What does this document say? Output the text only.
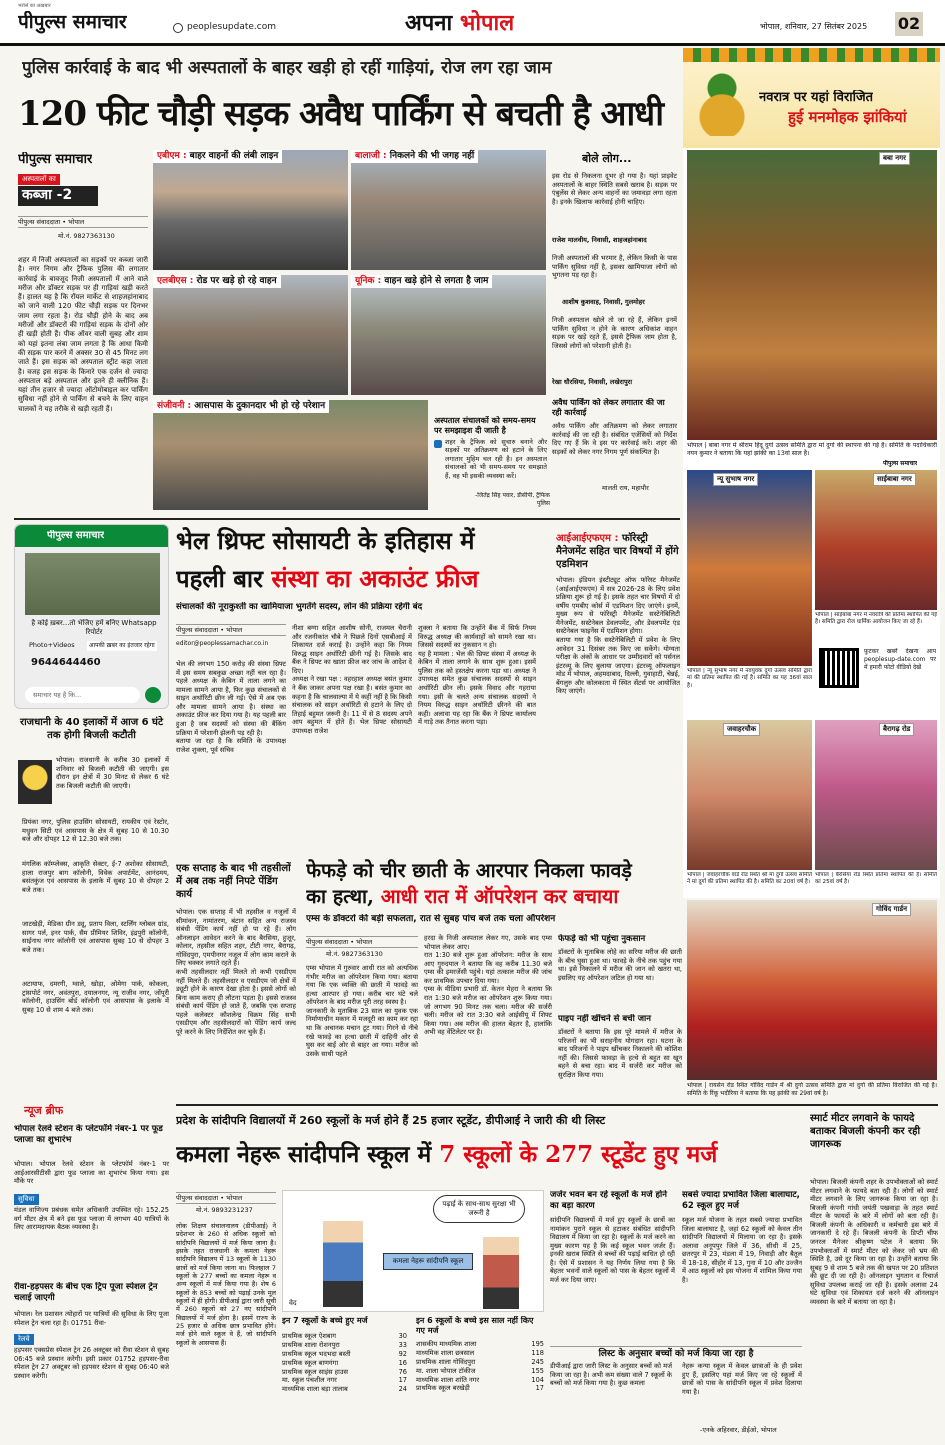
भरोसे का अख़बार
पीपुल्स समाचार	peoplesupdate.com	अपना भोपाल	भोपाल, शनिवार, 27 सितंबर 2025 02
पुलिस कार्रवाई के बाद भी अस्पतालों के बाहर खड़ी हो रहीं गाड़ियां, रोज लग रहा जाम
120 फीट चौड़ी सड़क अवैध पार्किंग से बचती है आधी	नवरात्र पर यहां विराजित
हुई मनमोहक झांकियां
बबा नगर
भोपाल | बाबा नगर में श्रीराम हिंदू दुर्गा उत्सव समिति द्वारा मां दुर्गा की स्थापना की गई है। समिति के पदाधिकारी नयन कुमार ने बताया कि यहां झांकी का 13वां साल है।
पीपुल्स समाचार
न्यू सुभाष नगर	साईबाबा नगर
भोपाल | साईबाबा नगर में नवरात्रि की प्रतिमा स्थापित की गई है। समिति द्वारा रोज धार्मिक आयोजन किए जा रहे हैं।
फ़ुटकर खबरें देखना आप peoplesup-date.com पर में हमारी फोटो वीडियो देखें
भोपाल | न्यू सुभाष नगर में नवयुवक दुर्गा उत्सव समिति द्वारा मां की प्रतिमा स्थापित की गई है। समिति का यह 36वां साल है।
जवाहरचौक	बैरागढ़ रोड
भोपाल | जवाहरचौक वार्ड रोड स्थित श्री मां दुर्गा उत्सव समिति ने मां दुर्गा की प्रतिमा स्थापित की है। समिति का 20वां वर्ष है।
भोपाल | बैरसिया रोड स्थित प्रतिमा स्थापित की है। समिति का 25वां वर्ष है।
गोविंद गार्डन
भोपाल | रायसेन रोड स्थित गोविंद गार्डन में श्री दुर्गा उत्सव समिति द्वारा मां दुर्गा की प्रतिमा विराजित की गई है। समिति के रिंकू भदौरिया ने बताया कि यह झांकी का 29वां वर्ष है।
पीपुल्स समाचार
अस्पतालों का
कब्जा -2
पीपुल्स संवाददाता • भोपाल
मो.नं. 9827363130
शहर में निजी अस्पतालों का सड़कों पर कब्जा जारी है। नगर निगम और ट्रैफिक पुलिस की लगातार कार्रवाई के बावजूद निजी अस्पतालों में आने वाले मरीज और डॉक्टर सड़क पर ही गाड़ियां खड़ी करते हैं। हालत यह है कि रॉयल मार्केट से शाहजहांनाबाद को जाने वाली 120 फीट चौड़ी सड़क पर दिनभर जाम लगा रहता है। रोड चौड़ी होने के बाद अब मरीजों और डॉक्टरों की गाड़ियां सड़क के दोनों ओर ही खड़ी होती हैं। पीक ऑवर वाली सुबह और शाम को यहां इतना लंबा जाम लगता है कि आधा किमी की सड़क पार करने में अक्सर 30 से 45 मिनट लग जाते हैं। इस सड़क को अस्पताल स्ट्रीट कहा जाता है। वजह इस सड़क के किनारे एक दर्जन से ज्यादा अस्पताल बड़े अस्पताल और इतने ही क्लीनिक हैं। यहां तीन हजार से ज्यादा ऑटोमोबाइल कर पार्किंग सुविधा नहीं होने से पार्किंग से बचने के लिए वाहन चालकों ने यह तरीके से खड़ी रहती हैं।
एबीएम : बाहर वाहनों की लंबी लाइन	बालाजी : निकलने की भी जगह नहीं
एलबीएस : रोड पर खड़े हो रहे वाहन	यूनिक : वाहन खड़े होने से लगता है जाम
संजीवनी : आसपास के दुकानदार भी हो रहे परेशान
अस्पताल संचालकों को समय-समय पर समझाइश दी जाती है
शहर के ट्रैफिक को सुचारु बनाने और सड़कों पर अतिक्रमण को हटाने के लिए लगातार मुहिम चल रही है। इन अस्पताल संचालकों को भी समय-समय पर समझाते हैं, वह भी इसकी व्यवस्था करें।
-जितेंद्र सिंह पवार, डीसीपी, ट्रैफिक पुलिस
बोले लोग...
इस रोड से निकलना दूभर हो गया है। यहां प्राइवेट अस्पतालों के बाहर स्थिति सबसे खराब है। सड़क पर एंबुलेंस से लेकर अन्य वाहनों का जमावड़ा लगा रहता है। इनके खिलाफ कार्रवाई होनी चाहिए।
राजेश मालवीय, निवासी, शाहजहांनाबाद
निजी अस्पतालों की भरमार है, लेकिन किसी के पास पार्किंग सुविधा नहीं है, इसका खामियाजा लोगों को भुगतना पड़ रहा है।
आशीष कुशवाह, निवासी, गुलमोहर
निजी अस्पताल खोले तो जा रहे हैं, लेकिन इनमें पार्किंग सुविधा न होने के कारण अधिकांश वाहन सड़क पर खड़े रहते हैं, इससे ट्रैफिक जाम होता है, जिससे लोगों को परेशानी होती है।
रेखा धौरसिया, निवासी, लखेरापुरा
अवैध पार्किंग को लेकर लगातार की जा रही कार्रवाई
अवैध पार्किंग और अतिक्रमण को लेकर लगातार कार्रवाई की जा रही है। संबंधित एजेंसियों को निर्देश दिए गए हैं कि वे इस पर कार्रवाई करें। शहर की सड़कों को लेकर नगर निगम पूर्ण संकल्पित है।
मालती राय, महापौर
पीपुल्स समाचार
है कोई ख़बर...तो भेजिए हमें बनिए Whatsapp रिपोर्टर
Photo+Videos	आपकी ख़बर का इंतजार रहेगा
9644644460
समाचार यह है कि...
भेल थ्रिफ्ट सोसायटी के इतिहास में
पहली बार संस्था का अकाउंट फ्रीज
संचालकों की नूराकुश्ती का खामियाजा भुगतेंगे सदस्य, लोन की प्रक्रिया रहेगी बंद
पीपुल्स संवाददाता • भोपाल
editor@peoplessamachar.co.in
भेल की लगभग 150 करोड़ की संस्था थ्रिफ्ट में इस समय सबकुछ अच्छा नहीं चल रहा है। पहले अध्यक्ष के केबिन में ताला लगने का मामला सामने आया है, फिर कुछ संचालकों से साइन अथॉरिटी छीन ली गई। ऐसे में अब एक और मामला सामने आया है। संस्था का अकाउंट फ्रीज कर दिया गया है। यह पहली बार हुआ है जब सदस्यों को संस्था की बैंकिंग प्रक्रिया में परेशानी झेलनी पड़ रही है।
बताया जा रहा है कि समिति के उपाध्यक्ष राजेश शुक्ला, पूर्व सचिव
नीशा बग्गा सहित आशीष सोनी, राजमल चैरानी और रजनीकांत चौबे ने पिछले दिनों एसबीआई में शिकायत दर्ज कराई है। उन्होंने कहा कि नियम विरुद्ध साइन अथॉरिटी छीनी गई है। जिसके बाद बैंक ने थ्रिफ्ट का खाता फ्रीज कर जांच के आदेश दे दिए।
अध्यक्ष ने रखा पक्ष : वहरहाल अध्यक्ष बसंत कुमार ने बैंक जाकर अपना पक्ष रखा है। बसंत कुमार का कहना है कि चालवाल्या में ये कहीं नहीं है कि किसी संचालक को साइन अथॉरिटी से हटाने के लिए दो तिहाई बहुमत जरूरी है। 11 में से 8 सदस्य अपने आप बहुमत में होते हैं। भेल थ्रिफ्ट सोसायटी उपाध्यक्ष राजेश
शुक्ला ने बताया कि उन्होंने बैंक में सिर्फ नियम विरुद्ध अध्यक्ष की कार्यवाहों को सामने रखा था। जिससे सदस्यों का नुकसान न हो।
यह है मामला : भेल की थ्रिफ्ट संस्था में अध्यक्ष के केबिन में ताला लगाने के साथ शुरू हुआ। इसमें पुलिस तक को हस्तक्षेप करना पड़ा था। अध्यक्ष ने उपाध्यक्ष समेत कुछ संचालक सदस्यों से साइन अथॉरिटी छीन ली। इसके विवाद और गहराया गया। इसी के चलते अन्य संचालक सदस्यों ने नियम विरुद्ध साइन अथॉरिटी छीनने की बात कही। अलावा यह रहा कि बैंक ने थ्रिफ्ट कार्यालय में गाड़े तक तैनात करना पड़ा।
आईआईएफएम : फॉरेस्ट्री मैनेजमेंट सहित चार विषयों में होंगे एडमिशन
भोपाल। इंडियन इंस्टीट्यूट ऑफ फॉरेस्ट मैनेजमेंट (आईआईएफएम) में सत्र 2026-28 के लिए प्रवेश प्रक्रिया शुरू हो गई है। इसके तहत चार विषयों में दो वर्षीय एमबीए कोर्स में एडमिशन दिए जाएंगे। इनमें, मुख्य रूप से फॉरेस्ट्री मैनेजमेंट सस्टेनेबिलिटी मैनेजमेंट, सस्टेनेबल डेवलपमेंट, और डेवलपमेंट एंड सस्टेनेबल फाइनेंस में एडमिशन होगा।
बताया गया है कि सस्टेनेबिलिटी में प्रवेश के लिए आवेदन 31 दिसंबर तक किए जा सकेंगे। योग्यता परीक्षा के अंकों के आधार पर उम्मीदवारों को पर्सनल इंटरव्यू के लिए बुलाया जाएगा। इंटरव्यू ऑफलाइन मोड में भोपाल, अहमदाबाद, दिल्ली, गुवाहाटी, चेन्नई, बेंगलुरु और कोलकाता में स्थित सेंटर्स पर आयोजित किए जाएंगे।
राजधानी के 40 इलाकों में आज 6 घंटे तक होगी बिजली कटौती
भोपाल। राजधानी के करीब 30 इलाकों में शनिवार को बिजली कटौती की जाएगी। इस दौरान इन क्षेत्रों में 30 मिनट से लेकर 6 घंटे तक बिजली कटौती की जाएगी।
प्रियंका नगर, पुलिस हाउसिंग सोसायटी, रायकीय एवं रेस्टोर, मधुवन सिटी एवं आसपास के क्षेत्र में सुबह 10 से 10.30 बजे और दोपहर 12 से 12.30 बजे तक।
मंगलिक कॉम्प्लेक्स, आकृति सेक्टर, ई-7 अशोका सोसायटी, हाला राजपुर बाग कॉलोनी, विवेक अपार्टमेंट, आनंदमय, बसंतकुंज एवं आसपास के इलाके में सुबह 10 से दोपहर 2 बजे तक।
जाटखेड़ी, मेडिका ग्रीन ड्यू, प्रताप विला, स्टर्लिंग ग्लोबल ग्रांड, सागर पर्ल, इनर पार्क, सैम प्रीमियर शिविर, इंद्रपुरी कॉलोनी, साईनाथ नगर कॉलोनी एवं आसपास सुबह 10 से दोपहर 3 बजे तक।
अटायाफ, दमरगी, ग्वाले, खोड़ा, ओमेगा पार्क, कोकला, ट्रांसपोर्ट नगर, अवंतपुरा, दयालनगर, न्यू राजीव नगर, जोंपूरी कॉलोनी, हाउसिंग बोर्ड कॉलोनी एवं आसपास के इलाके में सुबह 10 से शाम 4 बजे तक।
एक सप्ताह के बाद भी तहसीलों में अब तक नहीं निपटे पेंडिंग कार्य
भोपाल। एक सप्ताह में भी तहसील व नजूलों में सीमांकन, नामांतरण, बंटान सहित अन्य राजस्व संबंधी पेंडिंग कार्य नहीं हो पा रहे हैं। लोग ऑनलाइन आवेदन करने के बाद बैरसिया, हुजूर, कोलार, तहसील सहित शहर, टीटी नगर, बैरागढ़, गोविंदपुरा, एमपीनगर नजूल में लोग काम कराने के लिए चक्कर लगाते रहते हैं।
कभी तहसीलदार नहीं मिलते तो कभी एसडीएम नहीं मिलते हैं। तहसीलदार व एसडीएम जो क्षेत्रों में ड्यूटी होने के कारण देखा होता है। इससे लोगों को बिना काम कराए ही लौटना पड़ता है। इससे राजस्व संबंधी कार्य पेंडिंग हो जाते हैं, जबकि एक सप्ताह पहले कलेक्टर कौशलेन्द्र विक्रम सिंह सभी एसडीएम और तहसीलदारों को पेंडिंग कार्य जल्द पूरे करने के लिए निर्देशित कर चुके हैं।
फेफड़े को चीर छाती के आरपार निकला फावड़े
का हत्था, आधी रात में ऑपरेशन कर बचाया
एम्स के डॉक्टरों की बड़ी सफलता, रात से सुबह पांच बजे तक चला ऑपरेशन
पीपुल्स संवाददाता • भोपाल
मो.नं. 9827363130
एम्स भोपाल में गुरुवार आधी रात को अत्यधिक गंभीर मरीज का ऑपरेशन किया गया। बताया गया कि एक व्यक्ति की छाती में फावड़े का हत्था आरपार हो गया। करीब चार घंटे चले ऑपरेशन के बाद मरीज पूरी तरह स्वस्थ है।
जानकारी के मुताबिक 23 साल का युवक एक निर्माणाधीन मकान में मजदूरी का काम कर रहा था कि अचानक मचान टूट गया। गिरने से नीचे रखे फावड़े का हत्था छाती में दाहिनी ओर से घुस कर बाईं ओर से बाहर आ गया। मरीज को उसके साथी पहले
हरदा के निजी अस्पताल लेकर गए, उसके बाद एम्स भोपाल लेकर आए।
रात 1:30 बजे शुरू हुआ ऑपरेशन: मरीज के साथ आए गुरुदयाल ने बताया कि वह करीब 11.30 बजे एम्स की इमरजेंसी पहुंचे। यहां तत्काल मरीज की जांच कर प्राथमिक उपचार दिया गया।
एम्स के मीडिया प्रभारी डॉ. केतन मेहरा ने बताया कि रात 1:30 बजे मरीज का ऑपरेशन शुरू किया गया। जो लगभग 90 मिनट तक चला। मरीज की सर्जरी चली। मरीज को रात 3:30 बजे आईसीयू में शिफ्ट किया गया। अब मरीज की हालत बेहतर है, हालांकि अभी वह वेंटिलेटर पर है।
फेफड़े को भी पहुंचा नुकसान
डॉक्टरों के मुताबिक लोहे का सरिया मरीज की छाती के बीच घुसा हुआ था। फावड़े के नीचे तक पहुंच गया था। इसे निकालने में मरीज की जान को खतरा था, इसलिए यह ऑपरेशन जटिल हो गया था।
पाइप नहीं खींचने से बची जान
डॉक्टरों ने बताया कि इस पूरे मामले में मरीज के परिजनों का भी सराहनीय योगदान रहा। घटना के बाद परिजनों ने पाइप खींचकर निकालने की कोशिश नहीं की। जिससे फावड़ा के हत्थे से बहुत सा खून बहने से बचा रहा। बाद में सर्जरी कर मरीज को सुरक्षित किया गया।
न्यूज ब्रीफ
भोपाल रेलवे स्टेशन के प्लेटफॉर्म नंबर-1 पर फूड प्लाजा का शुभारंभ
भोपाल। भोपाल रेलवे स्टेशन के प्लेटफॉर्म नंबर-1 पर आईआरसीटीसी द्वारा फूड प्लाजा का शुभारंभ किया गया। इस मौके पर
सुविधा
मंडल वाणिज्य प्रबंधक समेत अधिकारी उपस्थित रहे। 152.25 वर्ग मीटर क्षेत्र में बने इस फूड प्लाजा में लगभग 40 यात्रियों के लिए आरामदायक बैठक व्यवस्था है।
रीवा-हड़पसर के बीच एक ट्रिप पूजा स्पेशल ट्रेन चलाई जाएगी
भोपाल। रेल प्रशासन त्योहारों पर यात्रियों की सुविधा के लिए पूजा स्पेशल ट्रेन चला रहा है। 01751 रीवा-
रेलवे
हड़पसर एक्सप्रेस स्पेशल ट्रेन 26 अक्टूबर को रीवा स्टेशन से सुबह 06:45 बजे प्रस्थान करेगी। इसी प्रकार 01752 हड़पसर-रीवा स्पेशल ट्रेन 27 अक्टूबर को हड़पसर स्टेशन से सुबह 06:40 बजे प्रस्थान करेगी।
प्रदेश के सांदीपनि विद्यालयों में 260 स्कूलों के मर्ज होने हैं 25 हजार स्टूडेंट, डीपीआई ने जारी की थी लिस्ट
कमला नेहरू सांदीपनि स्कूल में 7 स्कूलों के 277 स्टूडेंट हुए मर्ज
पीपुल्स संवाददाता • भोपाल
मो.नं. 9893231237
लोक शिक्षण संचालनालय (डीपीआई) ने प्रदेशभर के 260 से अधिक स्कूलों को सांदीपनि विद्यालयों में मर्ज किया जाना है। इसके तहत राजधानी के कमला नेहरू सांदीपनि विद्यालय में 13 स्कूलों के 1130 छात्रों को मर्ज किया जाना था। फिलहाल 7 स्कूलों के 277 बच्चों का कमला नेहरू व अन्य स्कूलों में मर्ज किया गया है। शेष 6 स्कूलों के 853 बच्चों को पढ़ाई उनके मूल स्कूलों में ही होगी। डीपीआई द्वारा जारी सूची में 260 स्कूलों को 27 नए सांदीपनि विद्यालयों में मर्ज होना है। इसमें राज्य के 25 हजार से अधिक छात्र प्रभावित होंगे। मर्ज होने वाले स्कूल वे हैं, जो सांदीपनि स्कूलों के आसपास हैं।
पढ़ाई के साथ-साथ सुरक्षा भी जरूरी है
कमला नेहरू सांदीपनि स्कूल
वेद
इन 7 स्कूलों के बच्चे हुए मर्ज
प्राथमिक स्कूल ऐशबाग	30
प्राथमिक शाला रोशनपुरा	33
प्राथमिक स्कूल भदभदा बस्ती	92
प्राथमिक स्कूल बाणगंगा	16
प्राथमिक स्कूल साइंस हाउस	76
मा. स्कूल पंचशील नगर	17
माध्यमिक शाला बड़ा तालाब	24
इन 6 स्कूलों के बच्चे इस साल नहीं किए गए मर्ज
शासकीय माध्यमिक शाला	195
माध्यमिक शाला छत्रसाल	118
प्राथमिक शाला गोविंदपुरा	245
मा. शाला भोपाल टॉकीज	155
माध्यमिक शाला शांति नगर	104
प्राथमिक स्कूल बरखेड़ी	17
जर्जर भवन बन रहे स्कूलों के मर्ज होने का बड़ा कारण
सांदीपनि विद्यालयों में मर्ज हुए स्कूलों के छात्रों का नामांकन पुराने स्कूल से हटाकर संबंधित सांदीपनि विद्यालय में किया जा रहा है। स्कूलों के मर्ज करने का मुख्य कारण यह है कि कई स्कूल भवन जर्जर हैं। इनकी खराब स्थिति से बच्चों की पढ़ाई बाधित हो रही है। ऐसे में प्रशासन ने यह निर्णय लिया गया है कि बेहतर भवनों वाले स्कूलों को पास के बेहतर स्कूलों में मर्ज कर दिया जाए।
सबसे ज्यादा प्रभावित जिला बालाघाट, 62 स्कूल हुए मर्ज
स्कूल मर्ज योजना के तहत सबसे ज्यादा प्रभावित जिला बालाघाट है, जहां 62 स्कूलों को केवल तीन सांदीपनि विद्यालयों में मिलाया जा रहा है। इसके अलावा अनूपपुर जिले में 36, सीधी में 25, छतरपुर में 23, मंडला में 19, निवाड़ी और बैतूल में 18-18, सीहोर में 13, गुना में 10 और उज्जैन में आठ स्कूलों को इस योजना में शामिल किया गया है।
लिस्ट के अनुसार बच्चों को मर्ज किया जा रहा है
डीपीआई द्वारा जारी लिस्ट के अनुसार बच्चों को मर्ज किया जा रहा है। अभी कम संख्या वाले 7 स्कूलों के बच्चों को मर्ज किया गया है। कुछ कमला
नेहरू कन्या स्कूल में केवल छात्राओं के ही प्रवेश हुए हैं, इसलिए यहां मर्ज किए जा रहे स्कूलों में छात्रों को पास के सांदीपनि स्कूल में प्रवेश दिलाया गया है।
-एनके अहिरवार, डीईओ, भोपाल
स्मार्ट मीटर लगवाने के फायदे बताकर बिजली कंपनी कर रही जागरूक
भोपाल। बिजली कंपनी शहर के उपभोक्ताओं को स्मार्ट मीटर लगवाने के फायदे बता रही है। लोगों को स्मार्ट मीटर लगवाने के लिए जागरूक किया जा रहा है। बिजली कंपनी गांधी जयंती पखवाड़ा के तहत स्मार्ट मीटर के फायदों के बारे में लोगों को बता रही है। बिजली कंपनी के अधिकारी व कर्मचारी इस बारे में जानकारी दे रहे हैं। बिजली कंपनी के डिप्टी चीफ जनरल मैनेजर श्रीकृष्ण पटेल ने बताया कि उपभोक्ताओं में स्मार्ट मीटर को लेकर जो भ्रम की स्थिति है, उसे दूर किया जा रहा है। उन्होंने बताया कि सुबह 9 से शाम 5 बजे तक की खपत पर 20 प्रतिशत की छूट दी जा रही है। ऑनलाइन भुगतान व रिचार्ज सुविधा उपलब्ध कराई जा रही है। इसके अलावा 24 घंटे सुविधा एवं शिकायत दर्ज करने की ऑनलाइन व्यवस्था के बारे में बताया जा रहा है।
